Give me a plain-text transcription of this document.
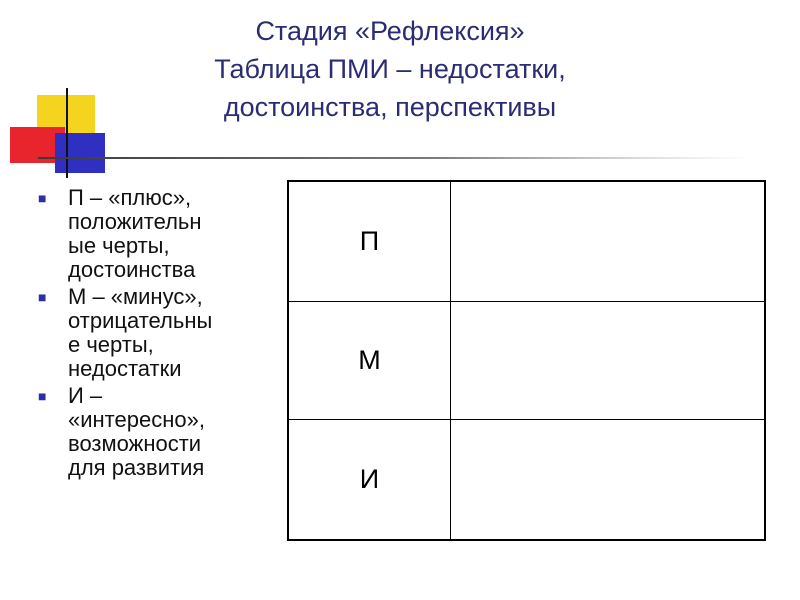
Стадия «Рефлексия»
Таблица ПМИ – недостатки,
достоинства, перспективы
■ П – «плюс»,
положительн
ые черты,
достоинства
■ М – «минус»,
отрицательны
е черты,
недостатки
■ И –
«интересно»,
возможности
для развития
П	
М	
И	
